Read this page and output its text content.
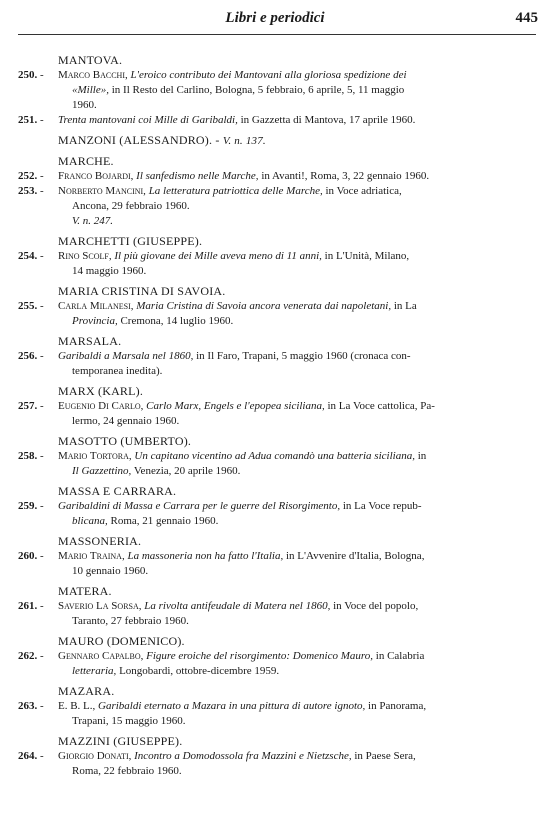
Libri e periodici	445
MANTOVA.
250. -	Marco Bacchi, L'eroico contributo dei Mantovani alla gloriosa spedizione dei
«Mille», in Il Resto del Carlino, Bologna, 5 febbraio, 6 aprile, 5, 11 maggio
1960.
251. -	Trenta mantovani coi Mille di Garibaldi, in Gazzetta di Mantova, 17 aprile 1960.
MANZONI (ALESSANDRO). - V. n. 137.
MARCHE.
252. -	Franco Bojardi, Il sanfedismo nelle Marche, in Avanti!, Roma, 3, 22 gennaio 1960.
253. -	Norberto Mancini, La letteratura patriottica delle Marche, in Voce adriatica,
Ancona, 29 febbraio 1960.
V. n. 247.
MARCHETTI (GIUSEPPE).
254. -	Rino Scolf, Il più giovane dei Mille aveva meno di 11 anni, in L'Unità, Milano,
14 maggio 1960.
MARIA CRISTINA DI SAVOIA.
255. -	Carla Milanesi, Maria Cristina di Savoia ancora venerata dai napoletani, in La
Provincia, Cremona, 14 luglio 1960.
MARSALA.
256. -	Garibaldi a Marsala nel 1860, in Il Faro, Trapani, 5 maggio 1960 (cronaca con-
temporanea inedita).
MARX (KARL).
257. -	Eugenio Di Carlo, Carlo Marx, Engels e l'epopea siciliana, in La Voce cattolica, Pa-
lermo, 24 gennaio 1960.
MASOTTO (UMBERTO).
258. -	Mario Tortora, Un capitano vicentino ad Adua comandò una batteria siciliana, in
Il Gazzettino, Venezia, 20 aprile 1960.
MASSA E CARRARA.
259. -	Garibaldini di Massa e Carrara per le guerre del Risorgimento, in La Voce repub-
blicana, Roma, 21 gennaio 1960.
MASSONERIA.
260. -	Mario Traina, La massoneria non ha fatto l'Italia, in L'Avvenire d'Italia, Bologna,
10 gennaio 1960.
MATERA.
261. -	Saverio La Sorsa, La rivolta antifeudale di Matera nel 1860, in Voce del popolo,
Taranto, 27 febbraio 1960.
MAURO (DOMENICO).
262. -	Gennaro Capalbo, Figure eroiche del risorgimento: Domenico Mauro, in Calabria
letteraria, Longobardi, ottobre-dicembre 1959.
MAZARA.
263. -	E. B. L., Garibaldi eternato a Mazara in una pittura di autore ignoto, in Panorama,
Trapani, 15 maggio 1960.
MAZZINI (GIUSEPPE).
264. -	Giorgio Donati, Incontro a Domodossola fra Mazzini e Nietzsche, in Paese Sera,
Roma, 22 febbraio 1960.
